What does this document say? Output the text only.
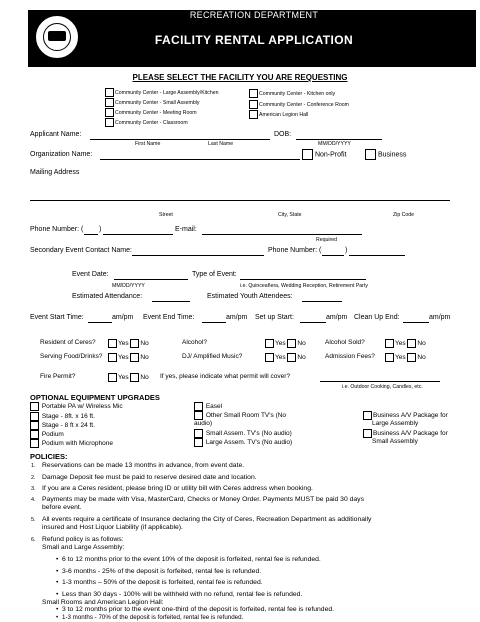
RECREATION DEPARTMENT
FACILITY RENTAL APPLICATION
PLEASE SELECT THE FACILITY YOU ARE REQUESTING
Community Center - Large Assembly/Kitchen
Community Center - Small Assembly
Community Center - Meeting Room
Community Center - Classroom
Community Center - Kitchen only
Community Center - Conference Room
American Legion Hall
Applicant Name:	DOB:
First Name	Last Name	MM/DD/YYYY
Organization Name:	Non-Profit	Business
Mailing Address
Street	City, State	Zip Code
Phone Number: ( )	E-mail:
Required
Secondary Event Contact Name:	Phone Number: (	)
Event Date:	Type of Event:
MM/DD/YYYY	i.e. Quinceañera, Wedding Reception, Retirement Party
Estimated Attendance:	Estimated Youth Attendees:
Event Start Time:	am/pm Event End Time:	am/pm Set up Start:	am/pm Clean Up End:	am/pm
Resident of Ceres?	Yes No	Alcohol?	Yes No	Alcohol Sold?	Yes No
Serving Food/Drinks?	Yes No	DJ/ Amplified Music?	Yes No	Admission Fees?	Yes No
Fire Permit?	Yes No If yes, please indicate what permit will cover?
i.e. Outdoor Cooking, Candles, etc.
OPTIONAL EQUIPMENT UPGRADES
Portable PA w/ Wireless Mic
Stage - 8ft. x 16 ft.
Stage - 8 ft x 24 ft.
Podium
Podium with Microphone
Easel
Other Small Room TV's (No
audio)
Small Assem. TV's (No audio)
Large Assem. TV's (No audio)
Business A/V Package for
Large Assembly
Business A/V Package for
Small Assembly
POLICIES:
1. Reservations can be made 13 months in advance, from event date.
2. Damage Deposit fee must be paid to reserve desired date and location.
3. If you are a Ceres resident, please bring ID or utility bill with Ceres address when booking.
4. Payments may be made with Visa, MasterCard, Checks or Money Order. Payments MUST be paid 30 days
before event.
5. All events require a certificate of Insurance declaring the City of Ceres, Recreation Department as additionally
insured and Host Liquor Liability (if applicable).
6. Refund policy is as follows:
Small and Large Assembly:
• 6 to 12 months prior to the event 10% of the deposit is forfeited, rental fee is refunded.
• 3-6 months - 25% of the deposit is forfeited, rental fee is refunded.
• 1-3 months – 50% of the deposit is forfeited, rental fee is refunded.
• Less than 30 days - 100% will be withheld with no refund, rental fee is refunded.
Small Rooms and American Legion Hall:
• 3 to 12 months prior to the event one-third of the deposit is forfeited, rental fee is refunded.
• 1-3 months - 70% of the deposit is forfeited, rental fee is refunded.
